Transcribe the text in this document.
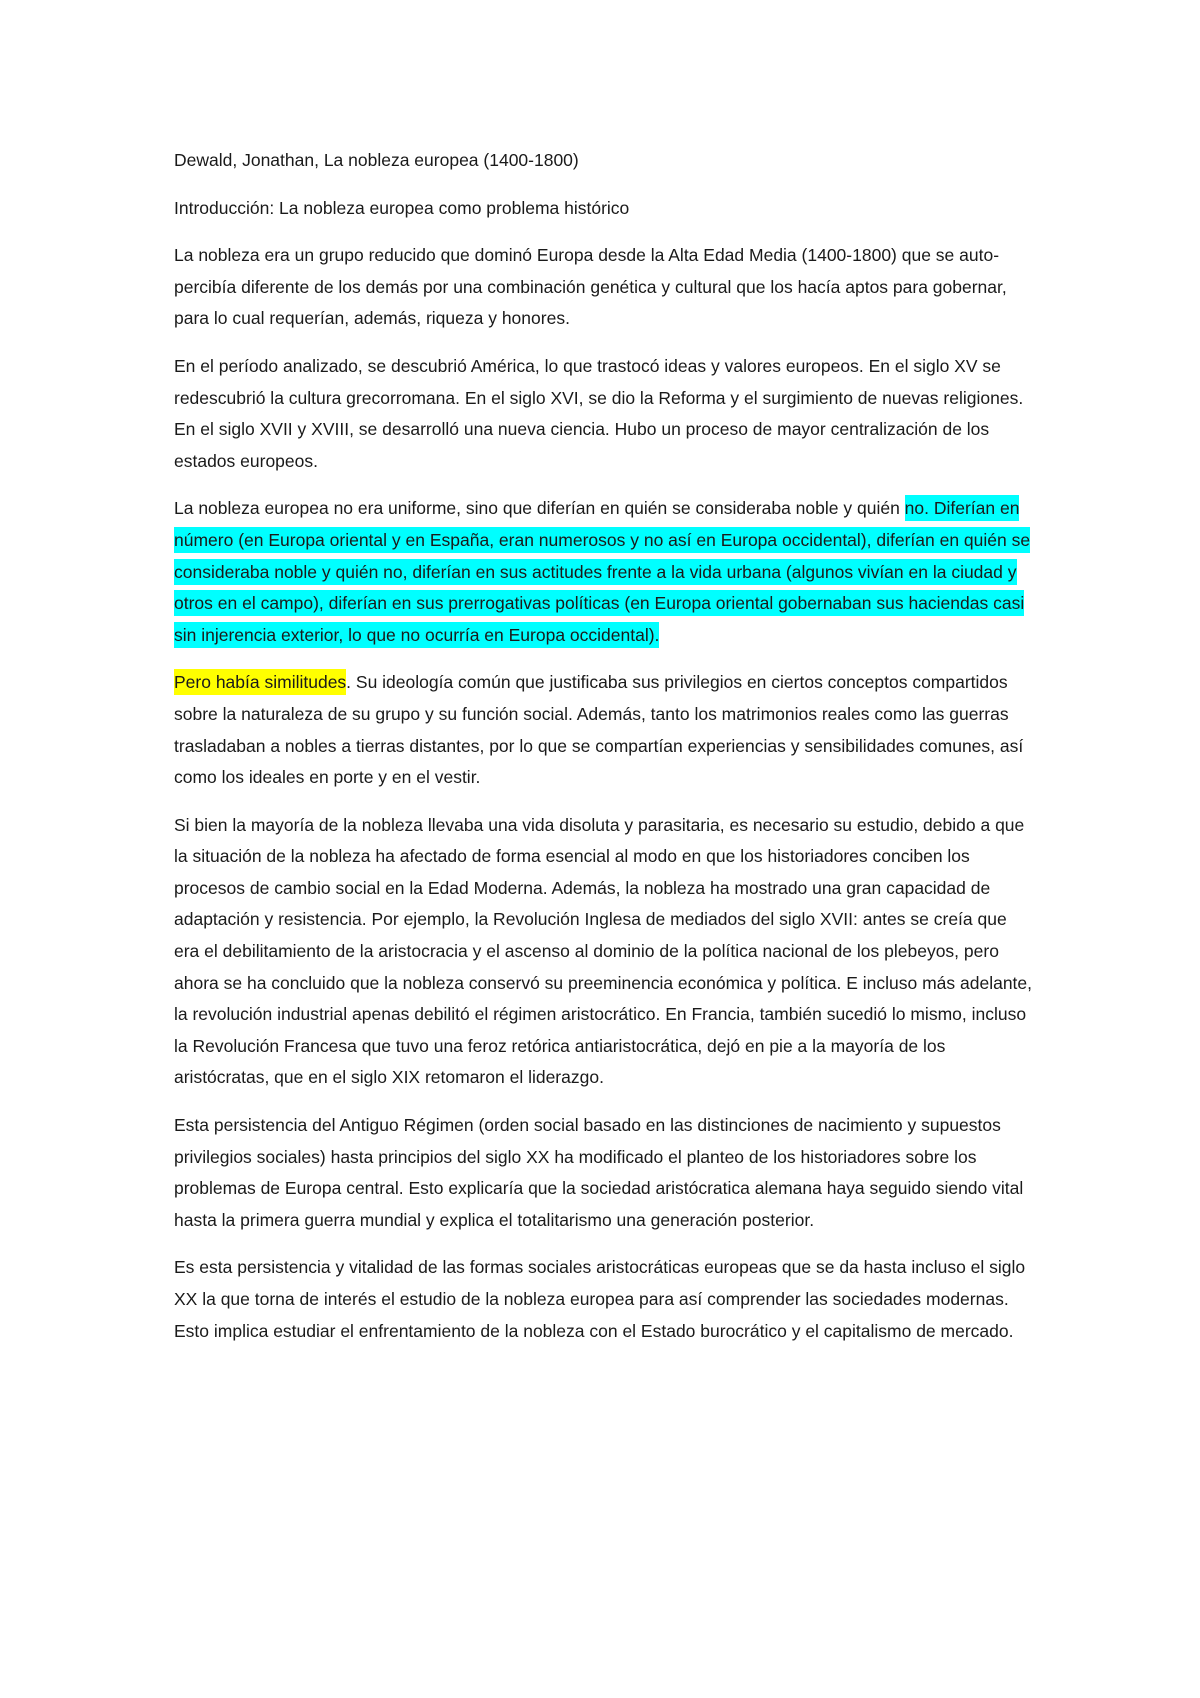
Dewald, Jonathan, La nobleza europea (1400-1800)

Introducción: La nobleza europea como problema histórico

La nobleza era un grupo reducido que dominó Europa desde la Alta Edad Media (1400-1800) que se auto-percibía diferente de los demás por una combinación genética y cultural que los hacía aptos para gobernar, para lo cual requerían, además, riqueza y honores.

En el período analizado, se descubrió América, lo que trastocó ideas y valores europeos. En el siglo XV se redescubrió la cultura grecorromana. En el siglo XVI, se dio la Reforma y el surgimiento de nuevas religiones. En el siglo XVII y XVIII, se desarrolló una nueva ciencia. Hubo un proceso de mayor centralización de los estados europeos.

La nobleza europea no era uniforme, sino que diferían en quién se consideraba noble y quién no. Diferían en número (en Europa oriental y en España, eran numerosos y no así en Europa occidental), diferían en quién se consideraba noble y quién no, diferían en sus actitudes frente a la vida urbana (algunos vivían en la ciudad y otros en el campo), diferían en sus prerrogativas políticas (en Europa oriental gobernaban sus haciendas casi sin injerencia exterior, lo que no ocurría en Europa occidental).

Pero había similitudes. Su ideología común que justificaba sus privilegios en ciertos conceptos compartidos sobre la naturaleza de su grupo y su función social. Además, tanto los matrimonios reales como las guerras trasladaban a nobles a tierras distantes, por lo que se compartían experiencias y sensibilidades comunes, así como los ideales en porte y en el vestir.

Si bien la mayoría de la nobleza llevaba una vida disoluta y parasitaria, es necesario su estudio, debido a que la situación de la nobleza ha afectado de forma esencial al modo en que los historiadores conciben los procesos de cambio social en la Edad Moderna. Además, la nobleza ha mostrado una gran capacidad de adaptación y resistencia. Por ejemplo, la Revolución Inglesa de mediados del siglo XVII: antes se creía que era el debilitamiento de la aristocracia y el ascenso al dominio de la política nacional de los plebeyos, pero ahora se ha concluido que la nobleza conservó su preeminencia económica y política. E incluso más adelante, la revolución industrial apenas debilitó el régimen aristocrático. En Francia, también sucedió lo mismo, incluso la Revolución Francesa que tuvo una feroz retórica antiaristocrática, dejó en pie a la mayoría de los aristócratas, que en el siglo XIX retomaron el liderazgo.

Esta persistencia del Antiguo Régimen (orden social basado en las distinciones de nacimiento y supuestos privilegios sociales) hasta principios del siglo XX ha modificado el planteo de los historiadores sobre los problemas de Europa central. Esto explicaría que la sociedad aristócratica alemana haya seguido siendo vital hasta la primera guerra mundial y explica el totalitarismo una generación posterior.

Es esta persistencia y vitalidad de las formas sociales aristocráticas europeas que se da hasta incluso el siglo XX la que torna de interés el estudio de la nobleza europea para así comprender las sociedades modernas. Esto implica estudiar el enfrentamiento de la nobleza con el Estado burocrático y el capitalismo de mercado.
